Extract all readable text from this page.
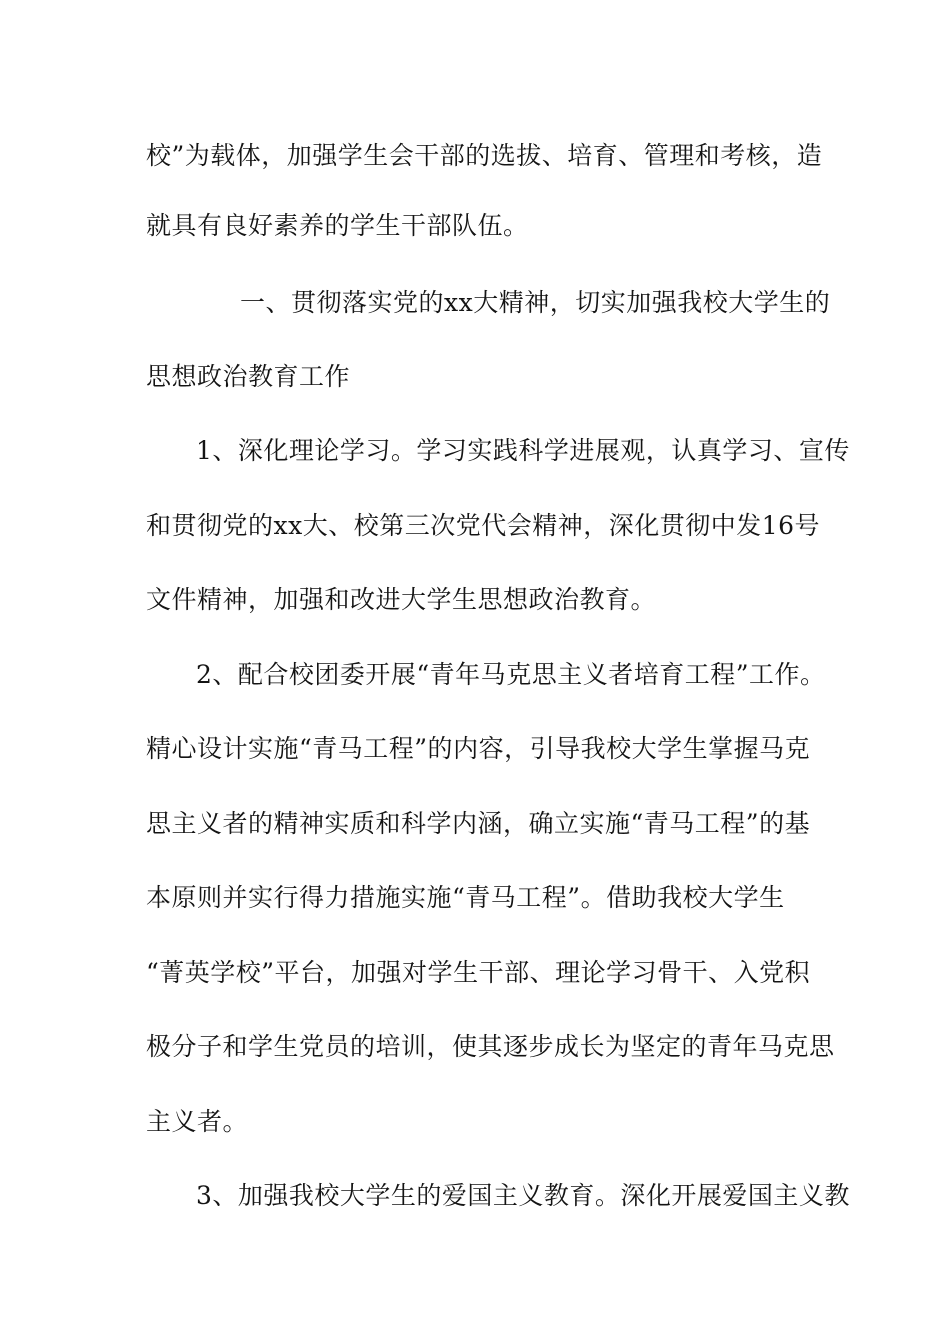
校”为载体，加强学生会干部的选拔、培育、管理和考核，造
就具有良好素养的学生干部队伍。
一、贯彻落实党的xx大精神，切实加强我校大学生的
思想政治教育工作
1、深化理论学习。学习实践科学进展观，认真学习、宣传
和贯彻党的xx大、校第三次党代会精神，深化贯彻中发16号
文件精神，加强和改进大学生思想政治教育。
2、配合校团委开展“青年马克思主义者培育工程”工作。
精心设计实施“青马工程”的内容，引导我校大学生掌握马克
思主义者的精神实质和科学内涵，确立实施“青马工程”的基
本原则并实行得力措施实施“青马工程”。借助我校大学生
“菁英学校”平台，加强对学生干部、理论学习骨干、入党积
极分子和学生党员的培训，使其逐步成长为坚定的青年马克思
主义者。
3、加强我校大学生的爱国主义教育。深化开展爱国主义教
